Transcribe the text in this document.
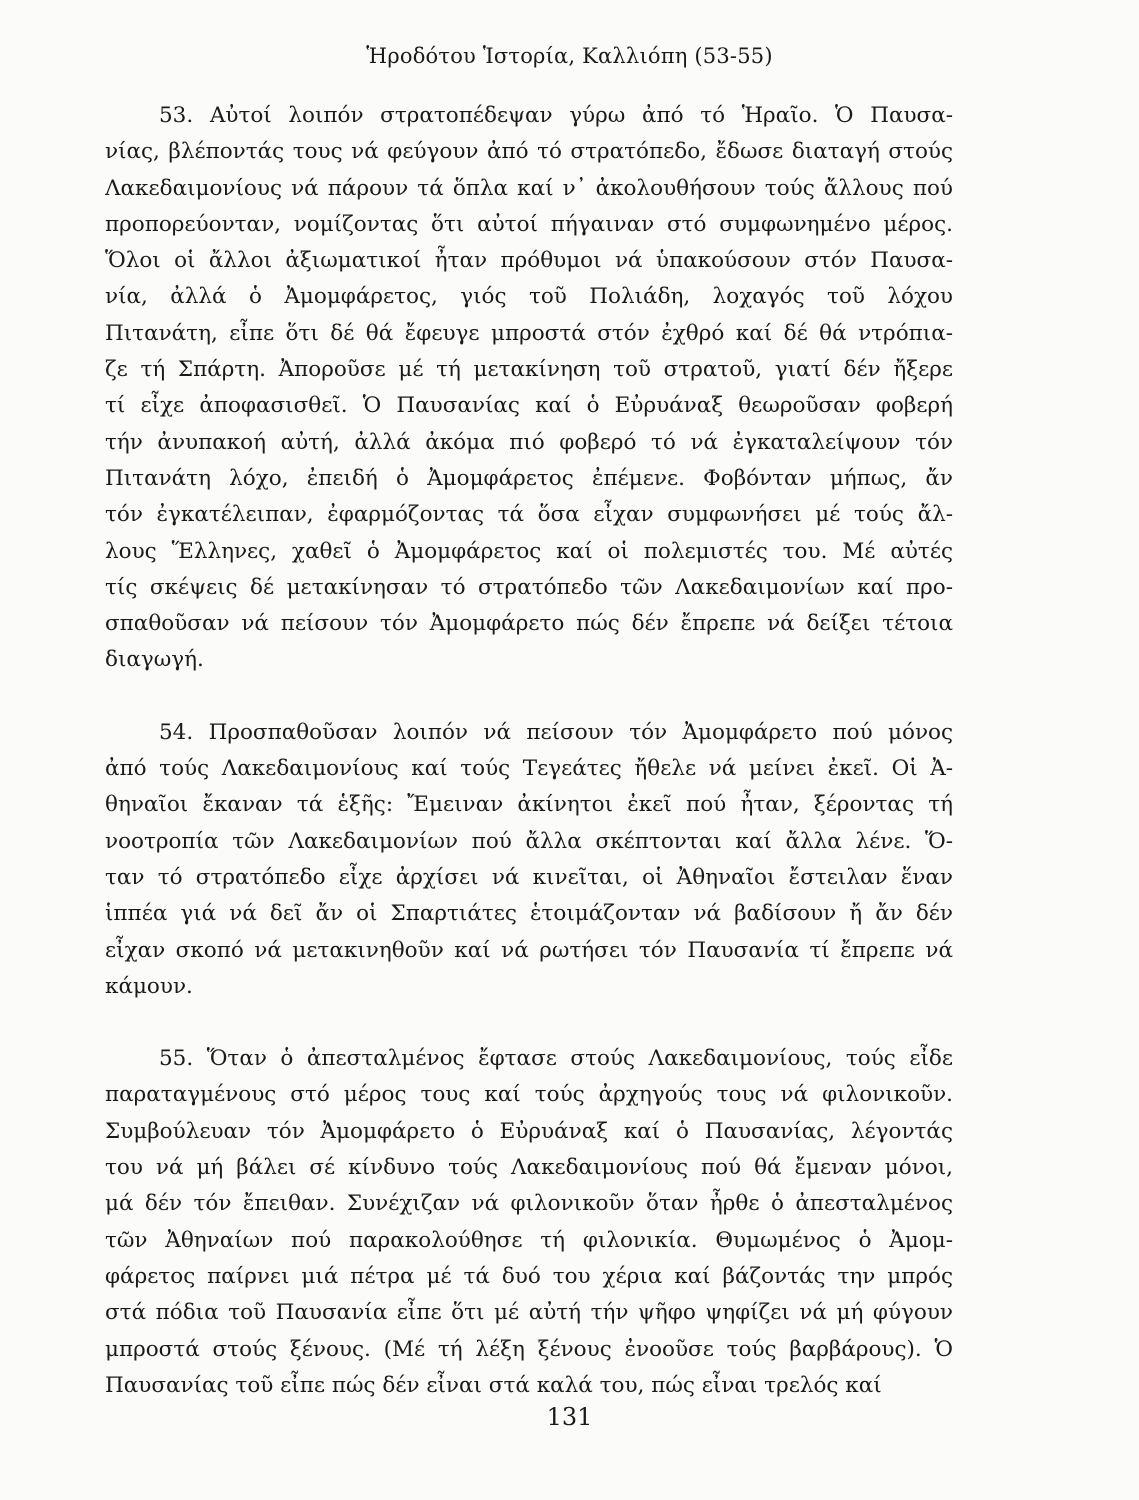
Ἡροδότου Ἱστορία, Καλλιόπη (53-55)
53. Αὐτοί λοιπόν στρατοπέδεψαν γύρω ἀπό τό Ἡραῖο. Ὁ Παυσα-
νίας, βλέποντάς τους νά φεύγουν ἀπό τό στρατόπεδο, ἔδωσε διαταγή στούς
Λακεδαιμονίους νά πάρουν τά ὅπλα καί ν᾿ ἀκολουθήσουν τούς ἄλλους πού
προπορεύονταν, νομίζοντας ὅτι αὐτοί πήγαιναν στό συμφωνημένο μέρος.
Ὅλοι οἱ ἄλλοι ἀξιωματικοί ἦταν πρόθυμοι νά ὑπακούσουν στόν Παυσα-
νία, ἀλλά ὁ Ἀμομφάρετος, γιός τοῦ Πολιάδη, λοχαγός τοῦ λόχου
Πιτανάτη, εἶπε ὅτι δέ θά ἔφευγε μπροστά στόν ἐχθρό καί δέ θά ντρόπια-
ζε τή Σπάρτη. Ἀποροῦσε μέ τή μετακίνηση τοῦ στρατοῦ, γιατί δέν ἤξερε
τί εἶχε ἀποφασισθεῖ. Ὁ Παυσανίας καί ὁ Εὐρυάναξ θεωροῦσαν φοβερή
τήν ἀνυπακοή αὐτή, ἀλλά ἀκόμα πιό φοβερό τό νά ἐγκαταλείψουν τόν
Πιτανάτη λόχο, ἐπειδή ὁ Ἀμομφάρετος ἐπέμενε. Φοβόνταν μήπως, ἄν
τόν ἐγκατέλειπαν, ἐφαρμόζοντας τά ὅσα εἶχαν συμφωνήσει μέ τούς ἄλ-
λους Ἕλληνες, χαθεῖ ὁ Ἀμομφάρετος καί οἱ πολεμιστές του. Μέ αὐτές
τίς σκέψεις δέ μετακίνησαν τό στρατόπεδο τῶν Λακεδαιμονίων καί προ-
σπαθοῦσαν νά πείσουν τόν Ἀμομφάρετο πώς δέν ἔπρεπε νά δείξει τέτοια
διαγωγή.
54. Προσπαθοῦσαν λοιπόν νά πείσουν τόν Ἀμομφάρετο πού μόνος
ἀπό τούς Λακεδαιμονίους καί τούς Τεγεάτες ἤθελε νά μείνει ἐκεῖ. Οἱ Ἀ-
θηναῖοι ἔκαναν τά ἑξῆς: Ἔμειναν ἀκίνητοι ἐκεῖ πού ἦταν, ξέροντας τή
νοοτροπία τῶν Λακεδαιμονίων πού ἄλλα σκέπτονται καί ἄλλα λένε. Ὅ-
ταν τό στρατόπεδο εἶχε ἀρχίσει νά κινεῖται, οἱ Ἀθηναῖοι ἔστειλαν ἕναν
ἱππέα γιά νά δεῖ ἄν οἱ Σπαρτιάτες ἑτοιμάζονταν νά βαδίσουν ἤ ἄν δέν
εἶχαν σκοπό νά μετακινηθοῦν καί νά ρωτήσει τόν Παυσανία τί ἔπρεπε νά
κάμουν.
55. Ὅταν ὁ ἀπεσταλμένος ἔφτασε στούς Λακεδαιμονίους, τούς εἶδε
παραταγμένους στό μέρος τους καί τούς ἀρχηγούς τους νά φιλονικοῦν.
Συμβούλευαν τόν Ἀμομφάρετο ὁ Εὐρυάναξ καί ὁ Παυσανίας, λέγοντάς
του νά μή βάλει σέ κίνδυνο τούς Λακεδαιμονίους πού θά ἔμεναν μόνοι,
μά δέν τόν ἔπειθαν. Συνέχιζαν νά φιλονικοῦν ὅταν ἦρθε ὁ ἀπεσταλμένος
τῶν Ἀθηναίων πού παρακολούθησε τή φιλονικία. Θυμωμένος ὁ Ἀμομ-
φάρετος παίρνει μιά πέτρα μέ τά δυό του χέρια καί βάζοντάς την μπρός
στά πόδια τοῦ Παυσανία εἶπε ὅτι μέ αὐτή τήν ψῆφο ψηφίζει νά μή φύγουν
μπροστά στούς ξένους. (Μέ τή λέξη ξένους ἐνοοῦσε τούς βαρβάρους). Ὁ
Παυσανίας τοῦ εἶπε πώς δέν εἶναι στά καλά του, πώς εἶναι τρελός καί
131
